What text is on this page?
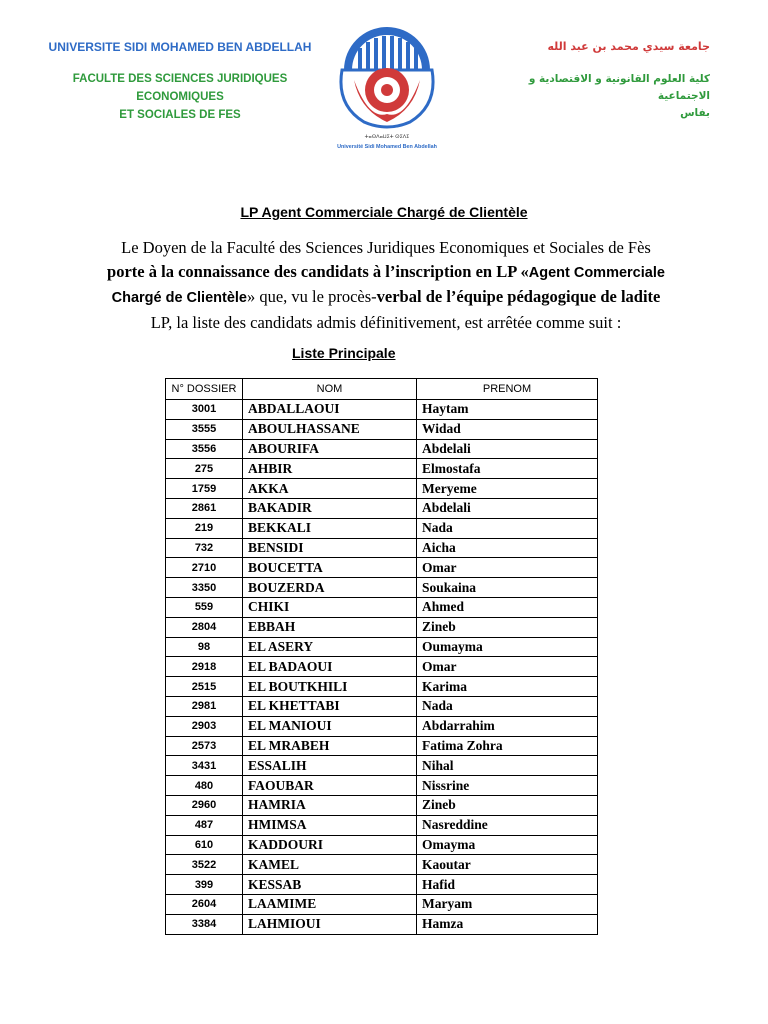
UNIVERSITE SIDI MOHAMED BEN ABDELLAH
FACULTE DES SCIENCES JURIDIQUES ECONOMIQUES
ET SOCIALES DE FES
ⵜⴰⵙⴷⴰⵡⵉⵜ ⵙⵉⴷⵉ
Université Sidi Mohamed Ben Abdellah
جامعة سيدي محمد بن عبد الله
كلية العلوم القانونية و الاقتصادية و الاجتماعية
بفاس
LP Agent Commerciale Chargé de Clientèle
Le Doyen de la Faculté des Sciences Juridiques Economiques et Sociales de Fès
porte à la connaissance des candidats à l’inscription en LP «Agent Commerciale
Chargé de Clientèle» que, vu le procès-verbal de l’équipe pédagogique de ladite
LP, la liste des candidats admis définitivement, est arrêtée comme suit :
Liste Principale
N° DOSSIER	NOM	PRENOM
3001	ABDALLAOUI	Haytam
3555	ABOULHASSANE	Widad
3556	ABOURIFA	Abdelali
275	AHBIR	Elmostafa
1759	AKKA	Meryeme
2861	BAKADIR	Abdelali
219	BEKKALI	Nada
732	BENSIDI	Aicha
2710	BOUCETTA	Omar
3350	BOUZERDA	Soukaina
559	CHIKI	Ahmed
2804	EBBAH	Zineb
98	EL ASERY	Oumayma
2918	EL BADAOUI	Omar
2515	EL BOUTKHILI	Karima
2981	EL KHETTABI	Nada
2903	EL MANIOUI	Abdarrahim
2573	EL MRABEH	Fatima Zohra
3431	ESSALIH	Nihal
480	FAOUBAR	Nissrine
2960	HAMRIA	Zineb
487	HMIMSA	Nasreddine
610	KADDOURI	Omayma
3522	KAMEL	Kaoutar
399	KESSAB	Hafid
2604	LAAMIME	Maryam
3384	LAHMIOUI	Hamza
